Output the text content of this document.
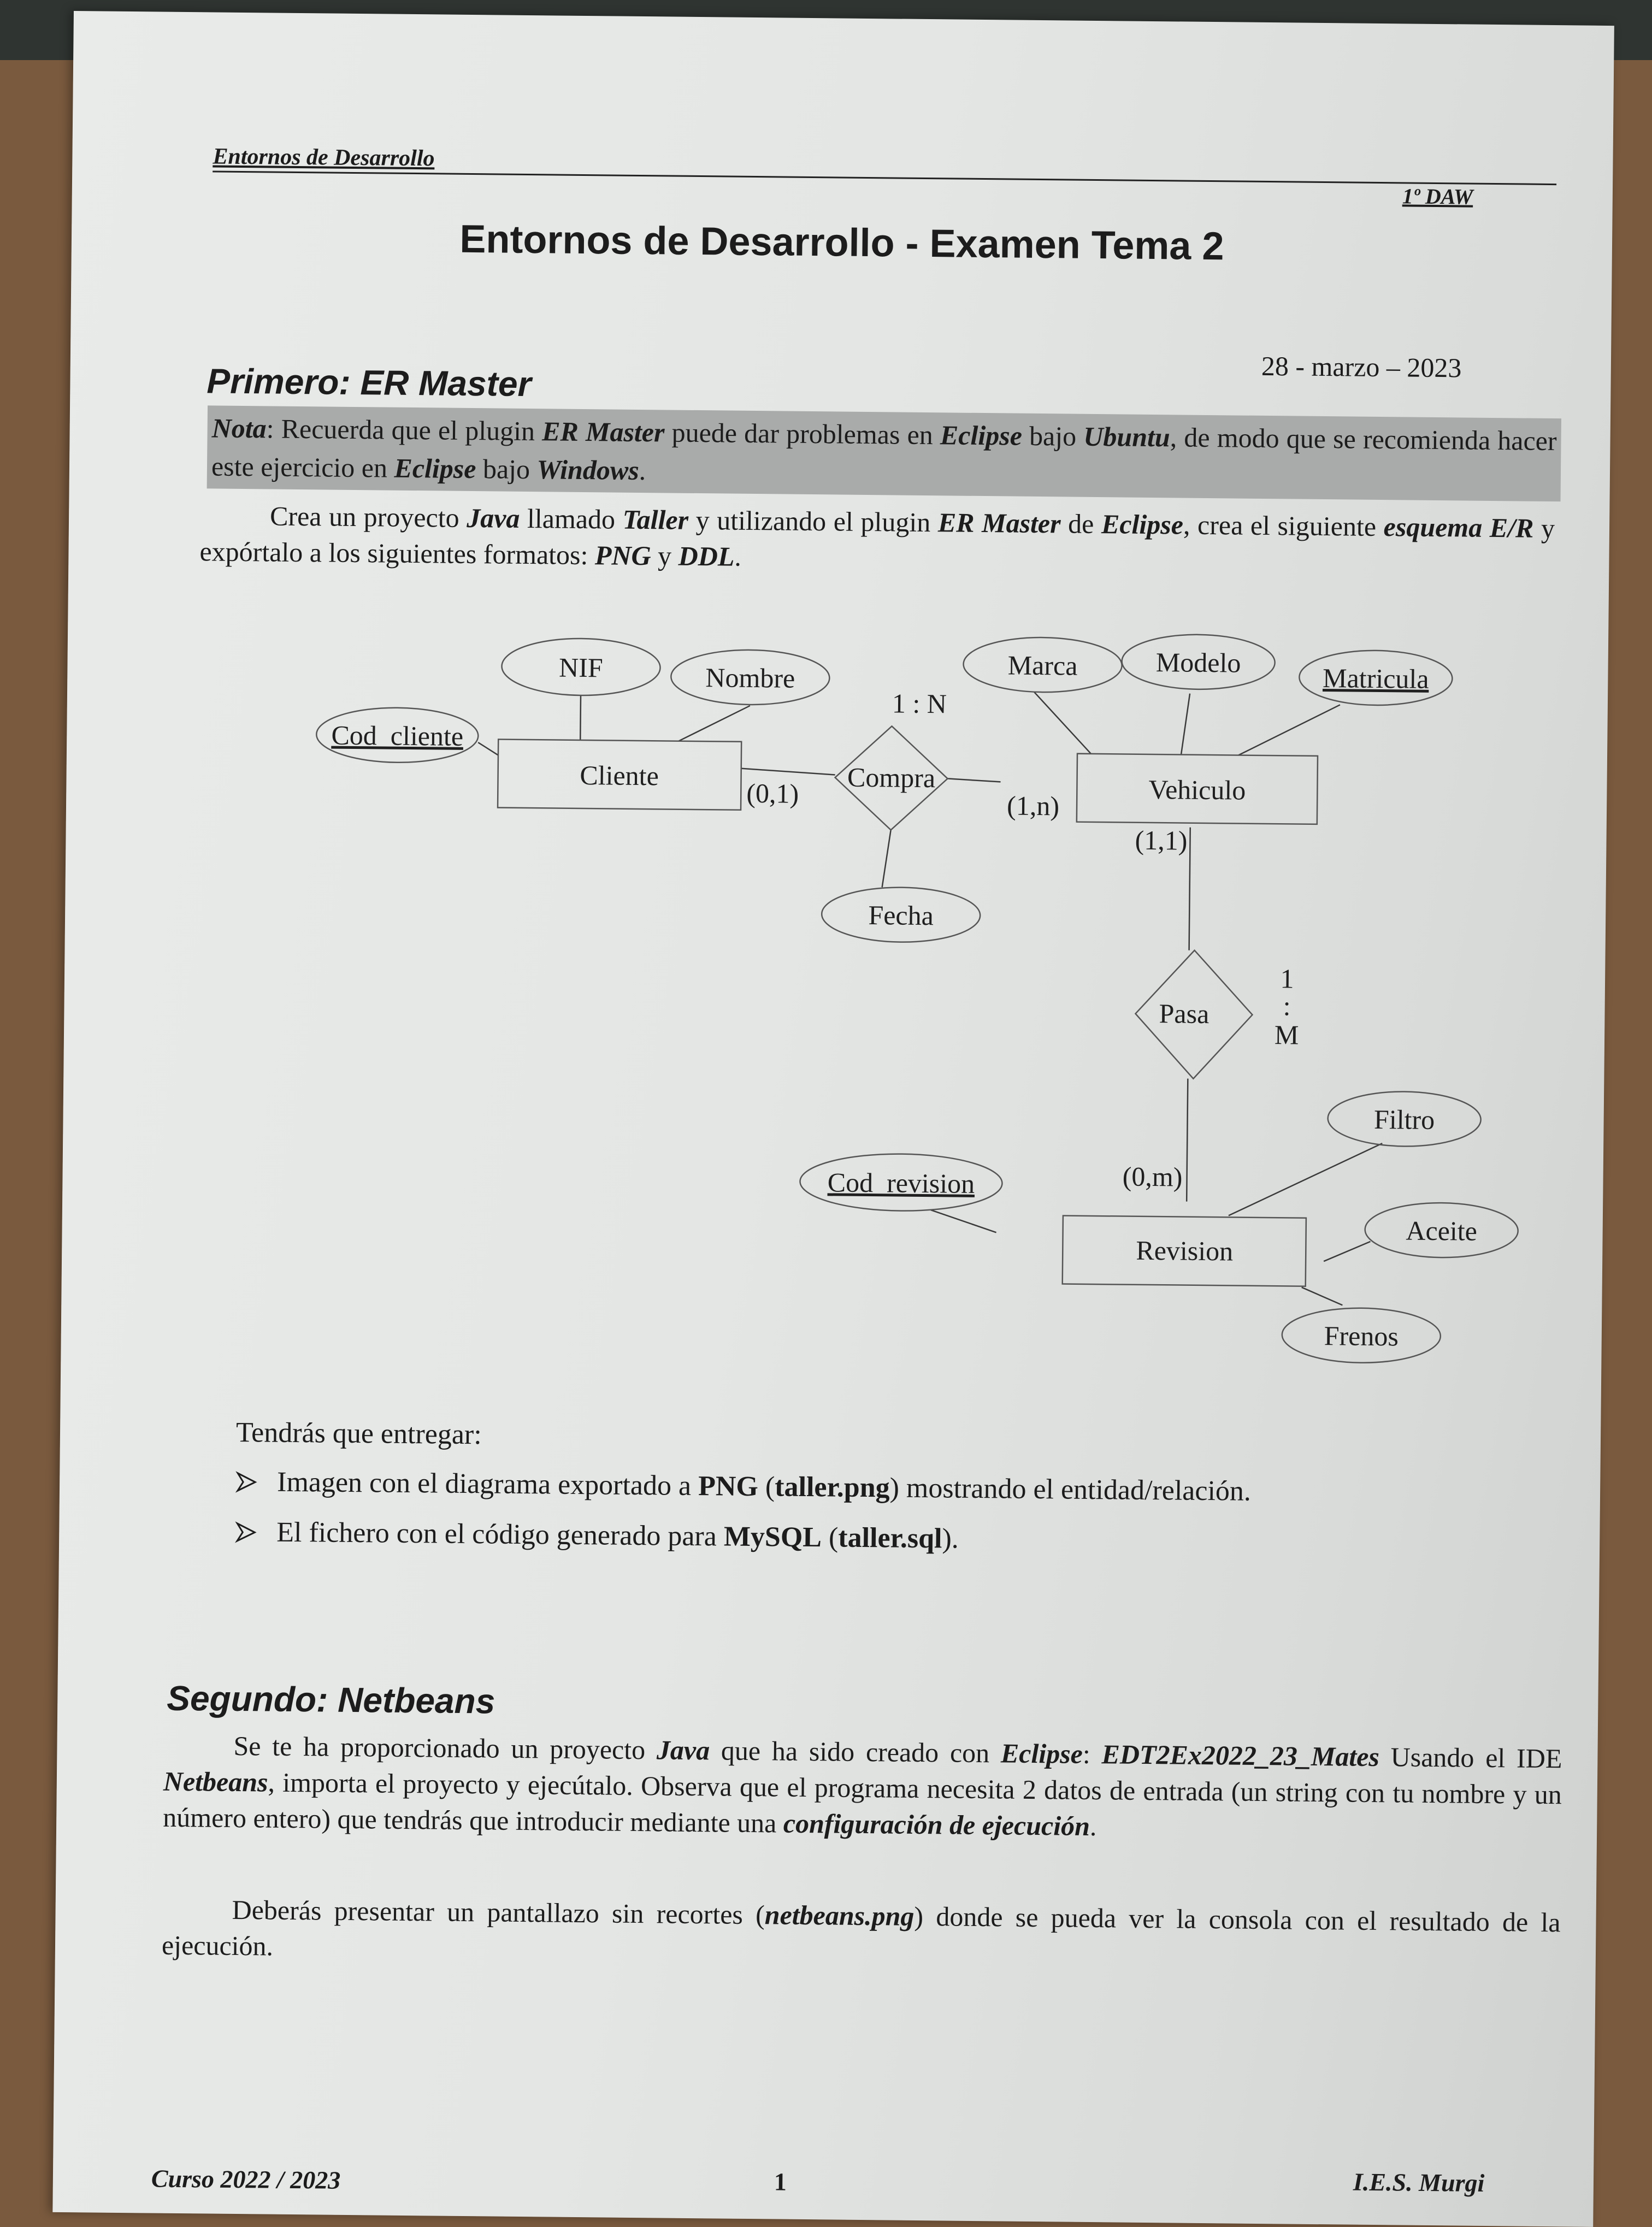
Entornos de Desarrollo
1º DAW
Entornos de Desarrollo - Examen Tema 2
28 - marzo – 2023
Primero: ER Master
Nota: Recuerda que el plugin ER Master puede dar problemas en Eclipse bajo Ubuntu, de modo que se recomienda hacer este ejercicio en Eclipse bajo Windows.
Crea un proyecto Java llamado Taller y utilizando el plugin ER Master de Eclipse, crea el siguiente esquema E/R y expórtalo a los siguientes formatos: PNG y DDL.
Cliente	Vehiculo
Revision
Compra
Pasa
NIF	Nombre
Cod_cliente
Marca	Modelo
Matricula
Fecha
Cod_revision
Filtro
Aceite
Frenos
1 : N
(0,1)	(1,n)
(1,1)
(0,m)
1
:
M
Tendrás que entregar:
Imagen con el diagrama exportado a PNG (taller.png) mostrando el entidad/relación.
El fichero con el código generado para MySQL (taller.sql).
Segundo: Netbeans
Se te ha proporcionado un proyecto Java que ha sido creado con Eclipse: EDT2Ex2022_23_Mates Usando el IDE Netbeans, importa el proyecto y ejecútalo. Observa que el programa necesita 2 datos de entrada (un string con tu nombre y un número entero) que tendrás que introducir mediante una configuración de ejecución.
Deberás presentar un pantallazo sin recortes (netbeans.png) donde se pueda ver la consola con el resultado de la ejecución.
Curso 2022 / 2023	1	I.E.S. Murgi
